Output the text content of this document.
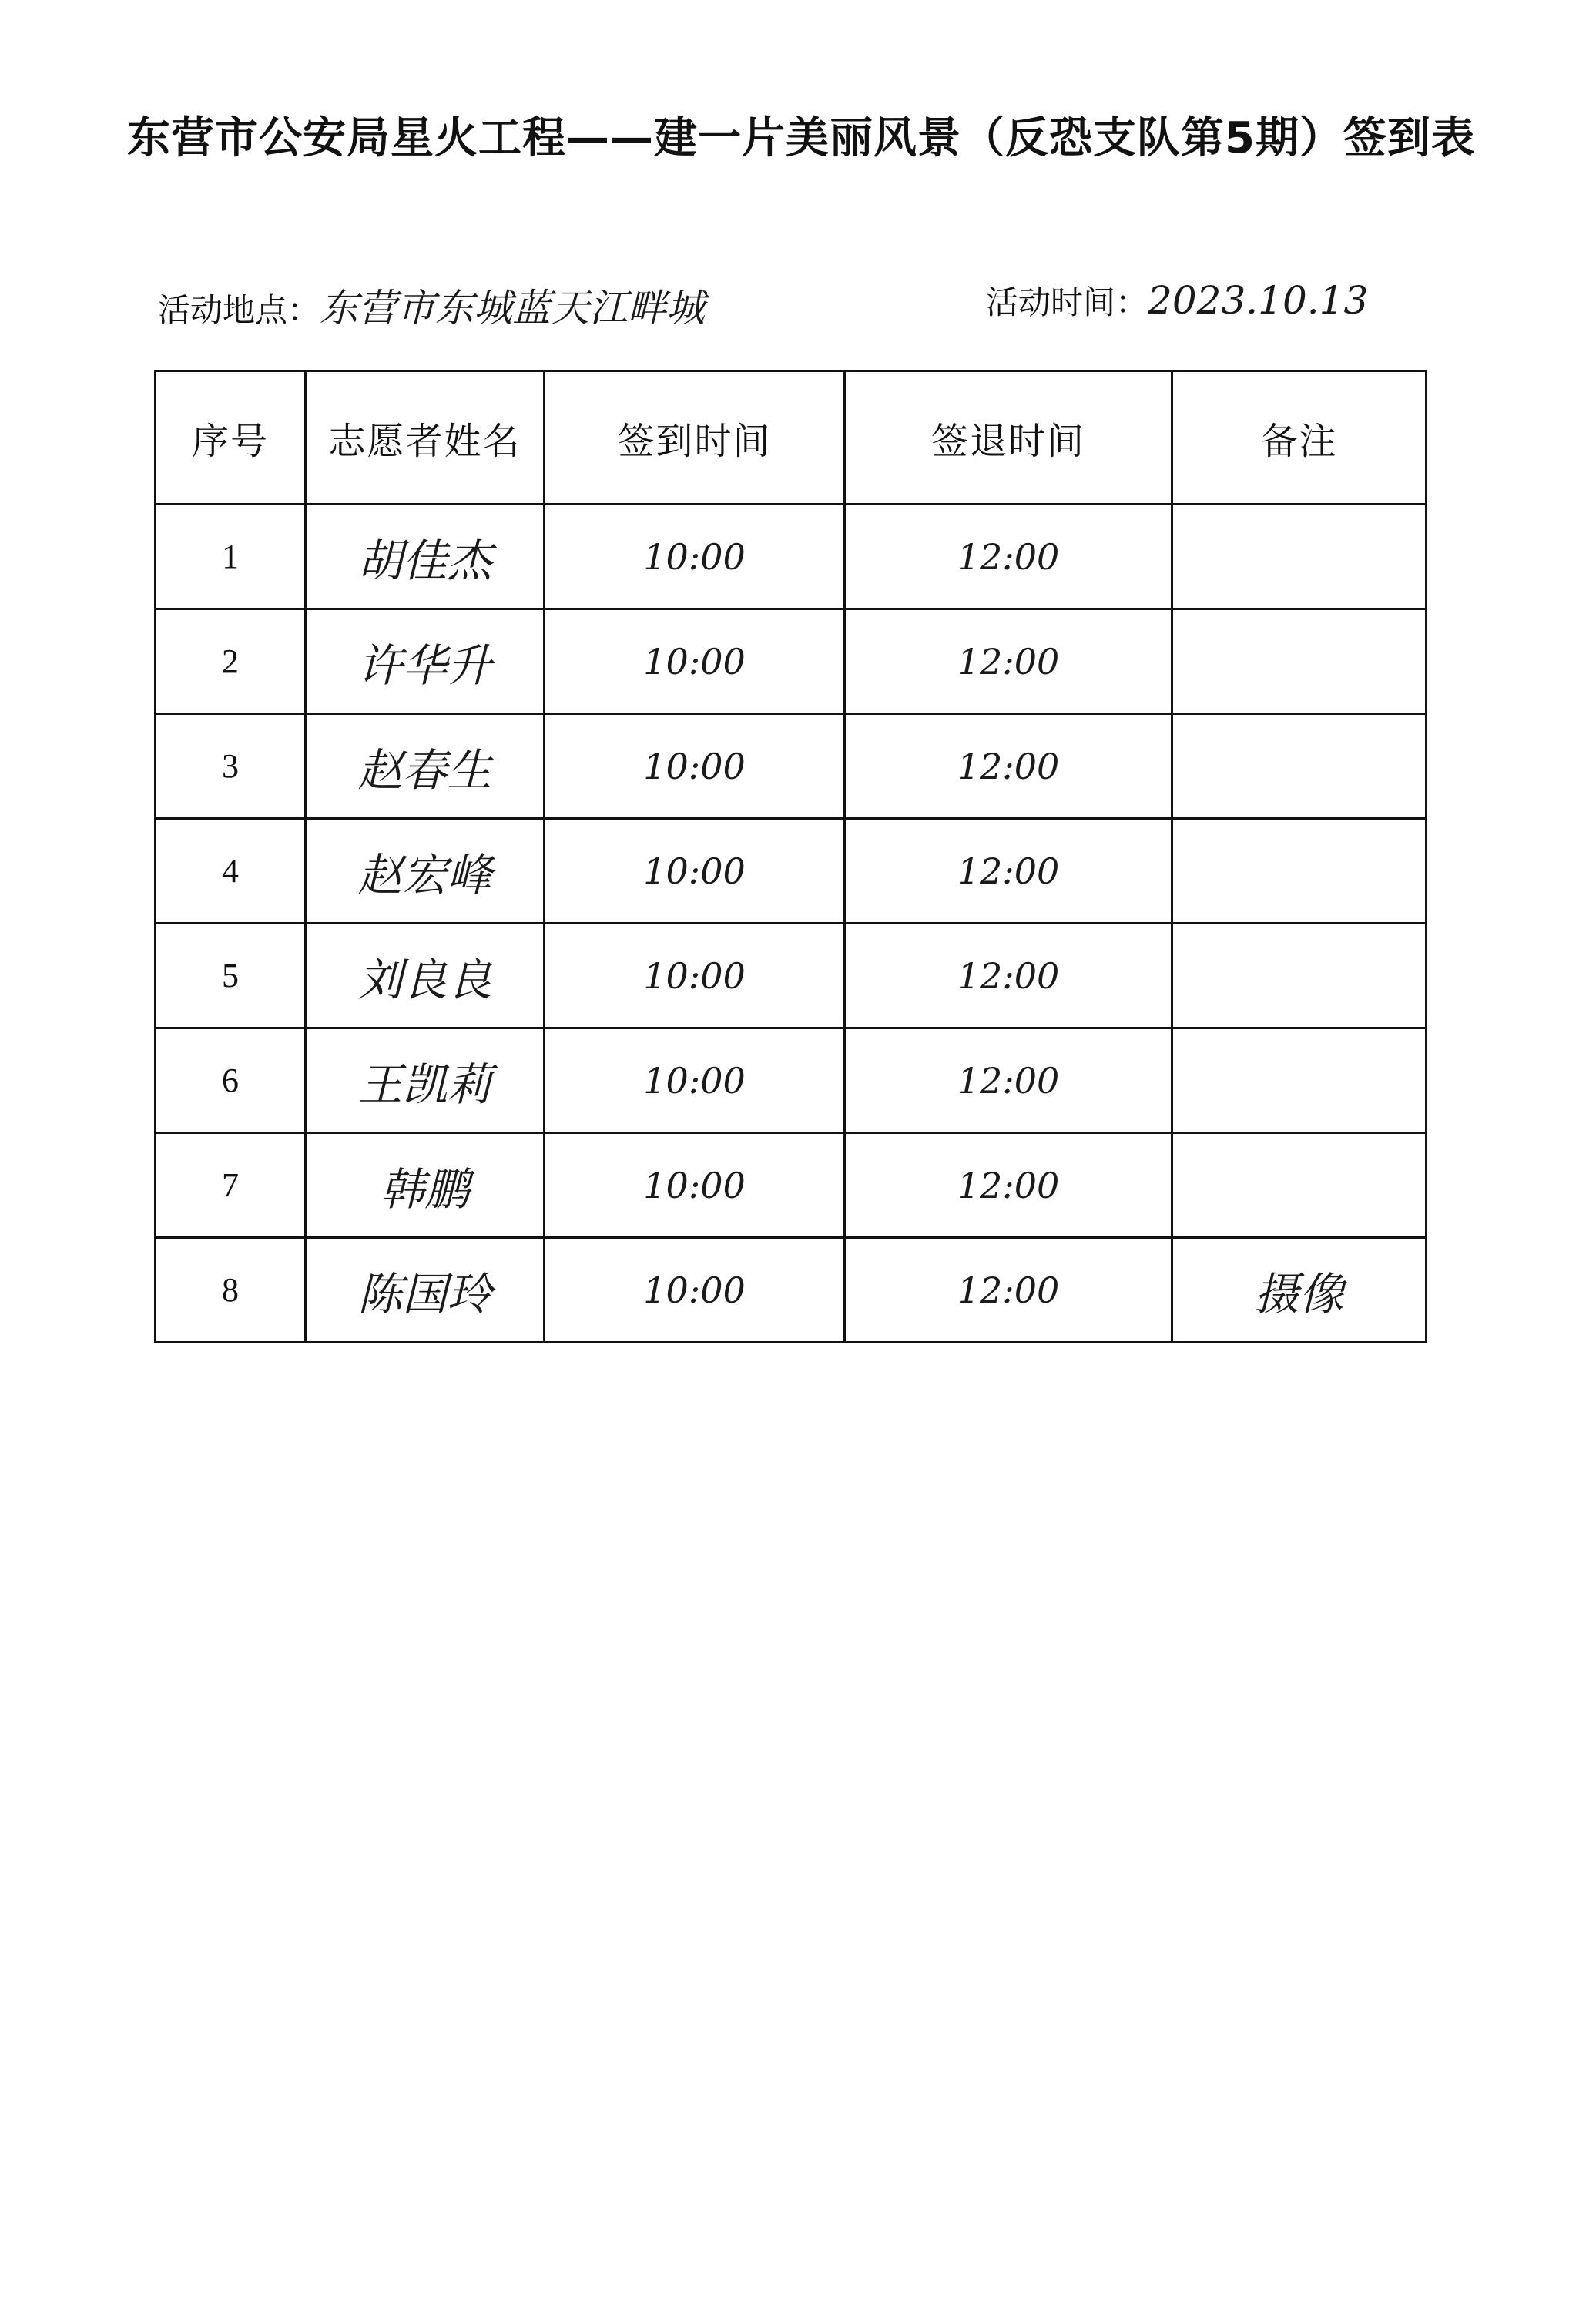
东营市公安局星火工程——建一片美丽风景（反恐支队第5期）签到表
活动地点：东营市东城蓝天江畔城	活动时间：2023.10.13
序号	志愿者姓名	签到时间	签退时间	备注
1	胡佳杰	10:00	12:00	
2	许华升	10:00	12:00	
3	赵春生	10:00	12:00	
4	赵宏峰	10:00	12:00	
5	刘良良	10:00	12:00	
6	王凯莉	10:00	12:00	
7	韩鹏	10:00	12:00	
8	陈国玲	10:00	12:00	摄像
